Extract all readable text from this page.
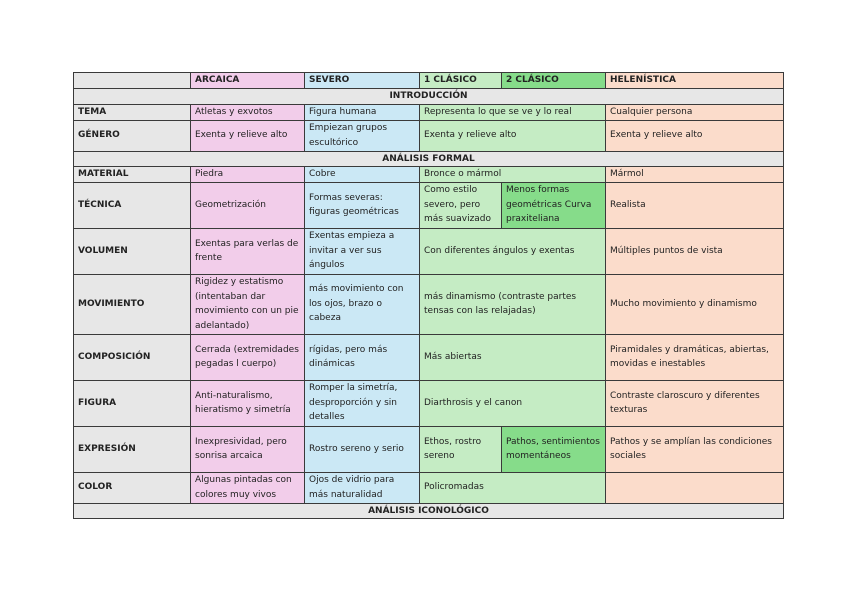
	ARCAICA	SEVERO	1 CLÁSICO	2 CLÁSICO	HELENÍSTICA
INTRODUCCIÓN					
TEMA	Atletas y exvotos	Figura humana	Representa lo que se ve y lo real		Cualquier persona
GÉNERO	Exenta y relieve alto	Empiezan grupos escultórico	Exenta y relieve alto		Exenta y relieve alto
ANÁLISIS FORMAL					
MATERIAL	Piedra	Cobre	Bronce o mármol		Mármol
TÉCNICA	Geometrización	Formas severas: figuras geométricas	Como estilo severo, pero más suavizado	Menos formas geométricas Curva praxiteliana	Realista
VOLUMEN	Exentas para verlas de frente	Exentas empieza a invitar a ver sus ángulos	Con diferentes ángulos y exentas		Múltiples puntos de vista
MOVIMIENTO	Rigidez y estatismo (intentaban dar movimiento con un pie adelantado)	más movimiento con los ojos, brazo o cabeza	más dinamismo (contraste partes tensas con las relajadas)		Mucho movimiento y dinamismo
COMPOSICIÓN	Cerrada (extremidades pegadas l cuerpo)	rígidas, pero más dinámicas	Más abiertas		Piramidales y dramáticas, abiertas, movidas e inestables
FIGURA	Anti-naturalismo, hieratismo y simetría	Romper la simetría, desproporción y sin detalles	Diarthrosis y el canon		Contraste claroscuro y diferentes texturas
EXPRESIÓN	Inexpresividad, pero sonrisa arcaica	Rostro sereno y serio	Ethos, rostro sereno	Pathos, sentimientos momentáneos	Pathos y se amplían las condiciones sociales
COLOR	Algunas pintadas con colores muy vivos	Ojos de vidrio para más naturalidad	Policromadas		
ANÁLISIS ICONOLÓGICO					
